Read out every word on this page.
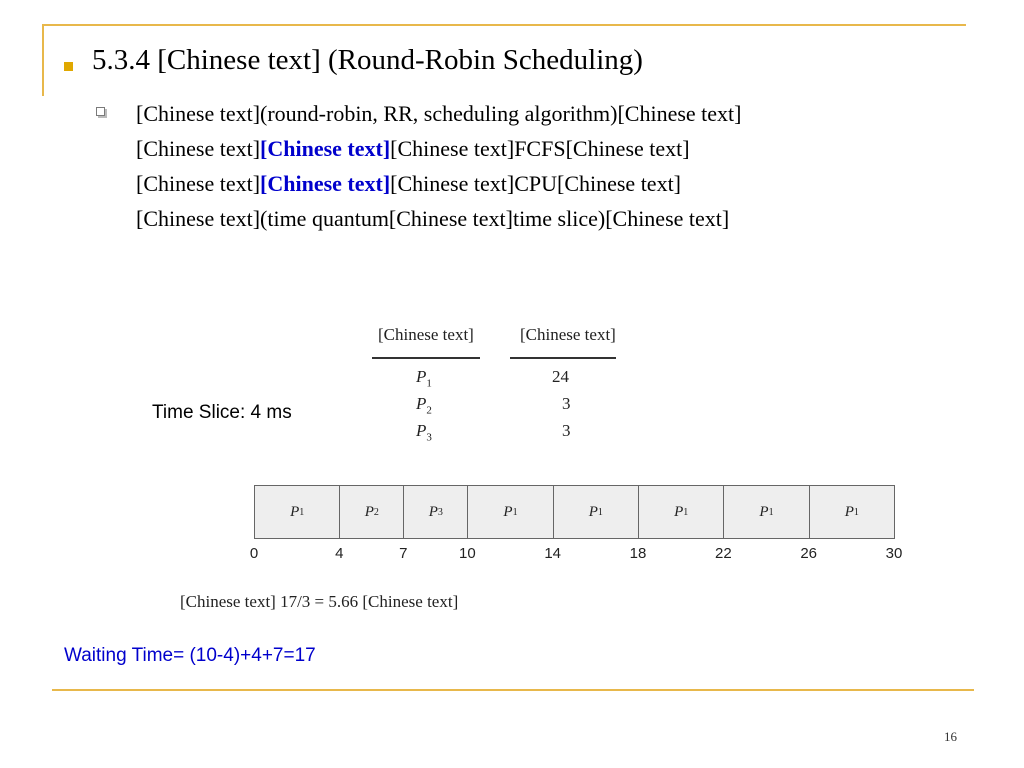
5.3.4 [Chinese text] (Round-Robin Scheduling)
[Chinese text](round-robin, RR, scheduling algorithm)[Chinese text]
[Chinese text][Chinese text][Chinese text]FCFS[Chinese text]
[Chinese text][Chinese text][Chinese text]CPU[Chinese text]
[Chinese text](time quantum[Chinese text]time slice)[Chinese text]
[Chinese text]	[Chinese text]
$P_1$	24
$P_2$	3
$P_3$	3
Time Slice: 4 ms
P 1	P 2	P 3	P 1	P 1	P 1	P 1	P 1
0	4	7	10	14	18	22	26	30
[Chinese text] 17/3 = 5.66 [Chinese text]
Waiting Time= (10-4)+4+7=17
16
